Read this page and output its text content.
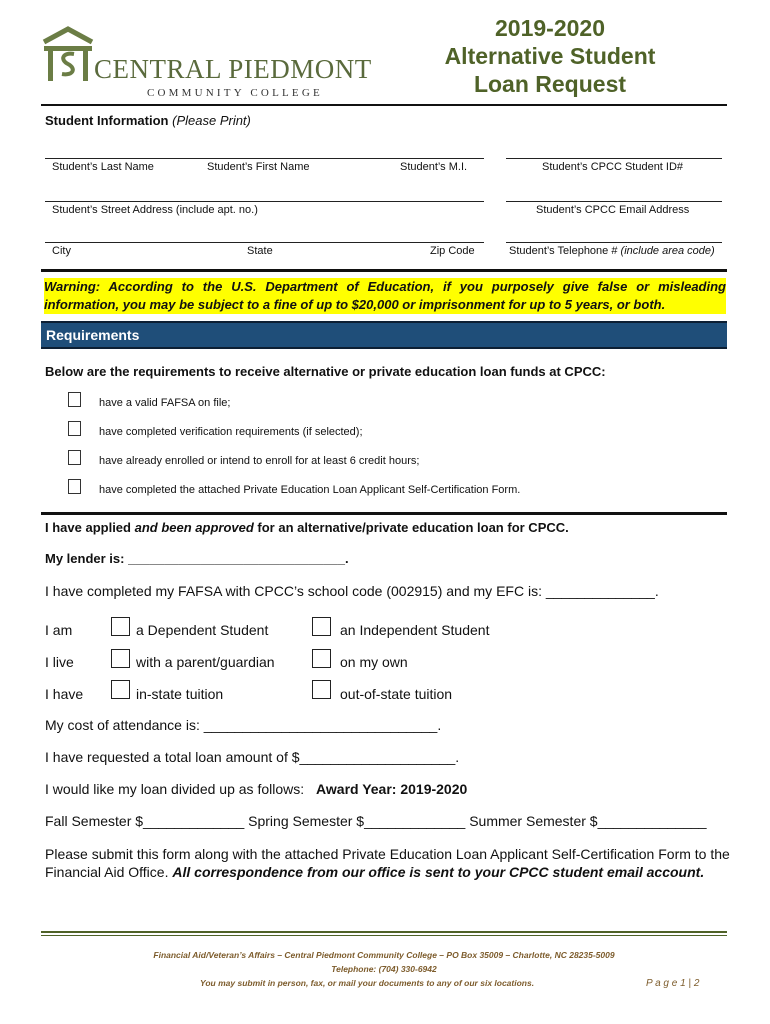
CENTRAL PIEDMONT
COMMUNITY COLLEGE
2019-2020
Alternative Student
Loan Request
Student Information (Please Print)
Student’s Last Name	Student’s First Name	Student’s M.I.	Student’s CPCC Student ID#
Student’s Street Address (include apt. no.)	Student’s CPCC Email Address
City	State	Zip Code	Student’s Telephone # (include area code)
Warning: According to the U.S. Department of Education, if you purposely give false or misleading information, you may be subject to a fine of up to $20,000 or imprisonment for up to 5 years, or both.
Requirements
Below are the requirements to receive alternative or private education loan funds at CPCC:
have a valid FAFSA on file;
have completed verification requirements (if selected);
have already enrolled or intend to enroll for at least 6 credit hours;
have completed the attached Private Education Loan Applicant Self-Certification Form.
I have applied and been approved for an alternative/private education loan for CPCC.
My lender is: ______________________________.
I have completed my FAFSA with CPCC’s school code (002915) and my EFC is: ______________.
I am	a Dependent Student	an Independent Student
I live	with a parent/guardian	on my own
I have	in-state tuition	out-of-state tuition
My cost of attendance is: ______________________________.
I have requested a total loan amount of $____________________.
I would like my loan divided up as follows: Award Year: 2019-2020
Fall Semester $_____________ Spring Semester $_____________ Summer Semester $______________
Please submit this form along with the attached Private Education Loan Applicant Self-Certification Form to the
Financial Aid Office. All correspondence from our office is sent to your CPCC student email account.
Financial Aid/Veteran’s Affairs – Central Piedmont Community College – PO Box 35009 – Charlotte, NC 28235-5009
Telephone: (704) 330-6942
You may submit in person, fax, or mail your documents to any of our six locations.	P a g e 1 | 2
